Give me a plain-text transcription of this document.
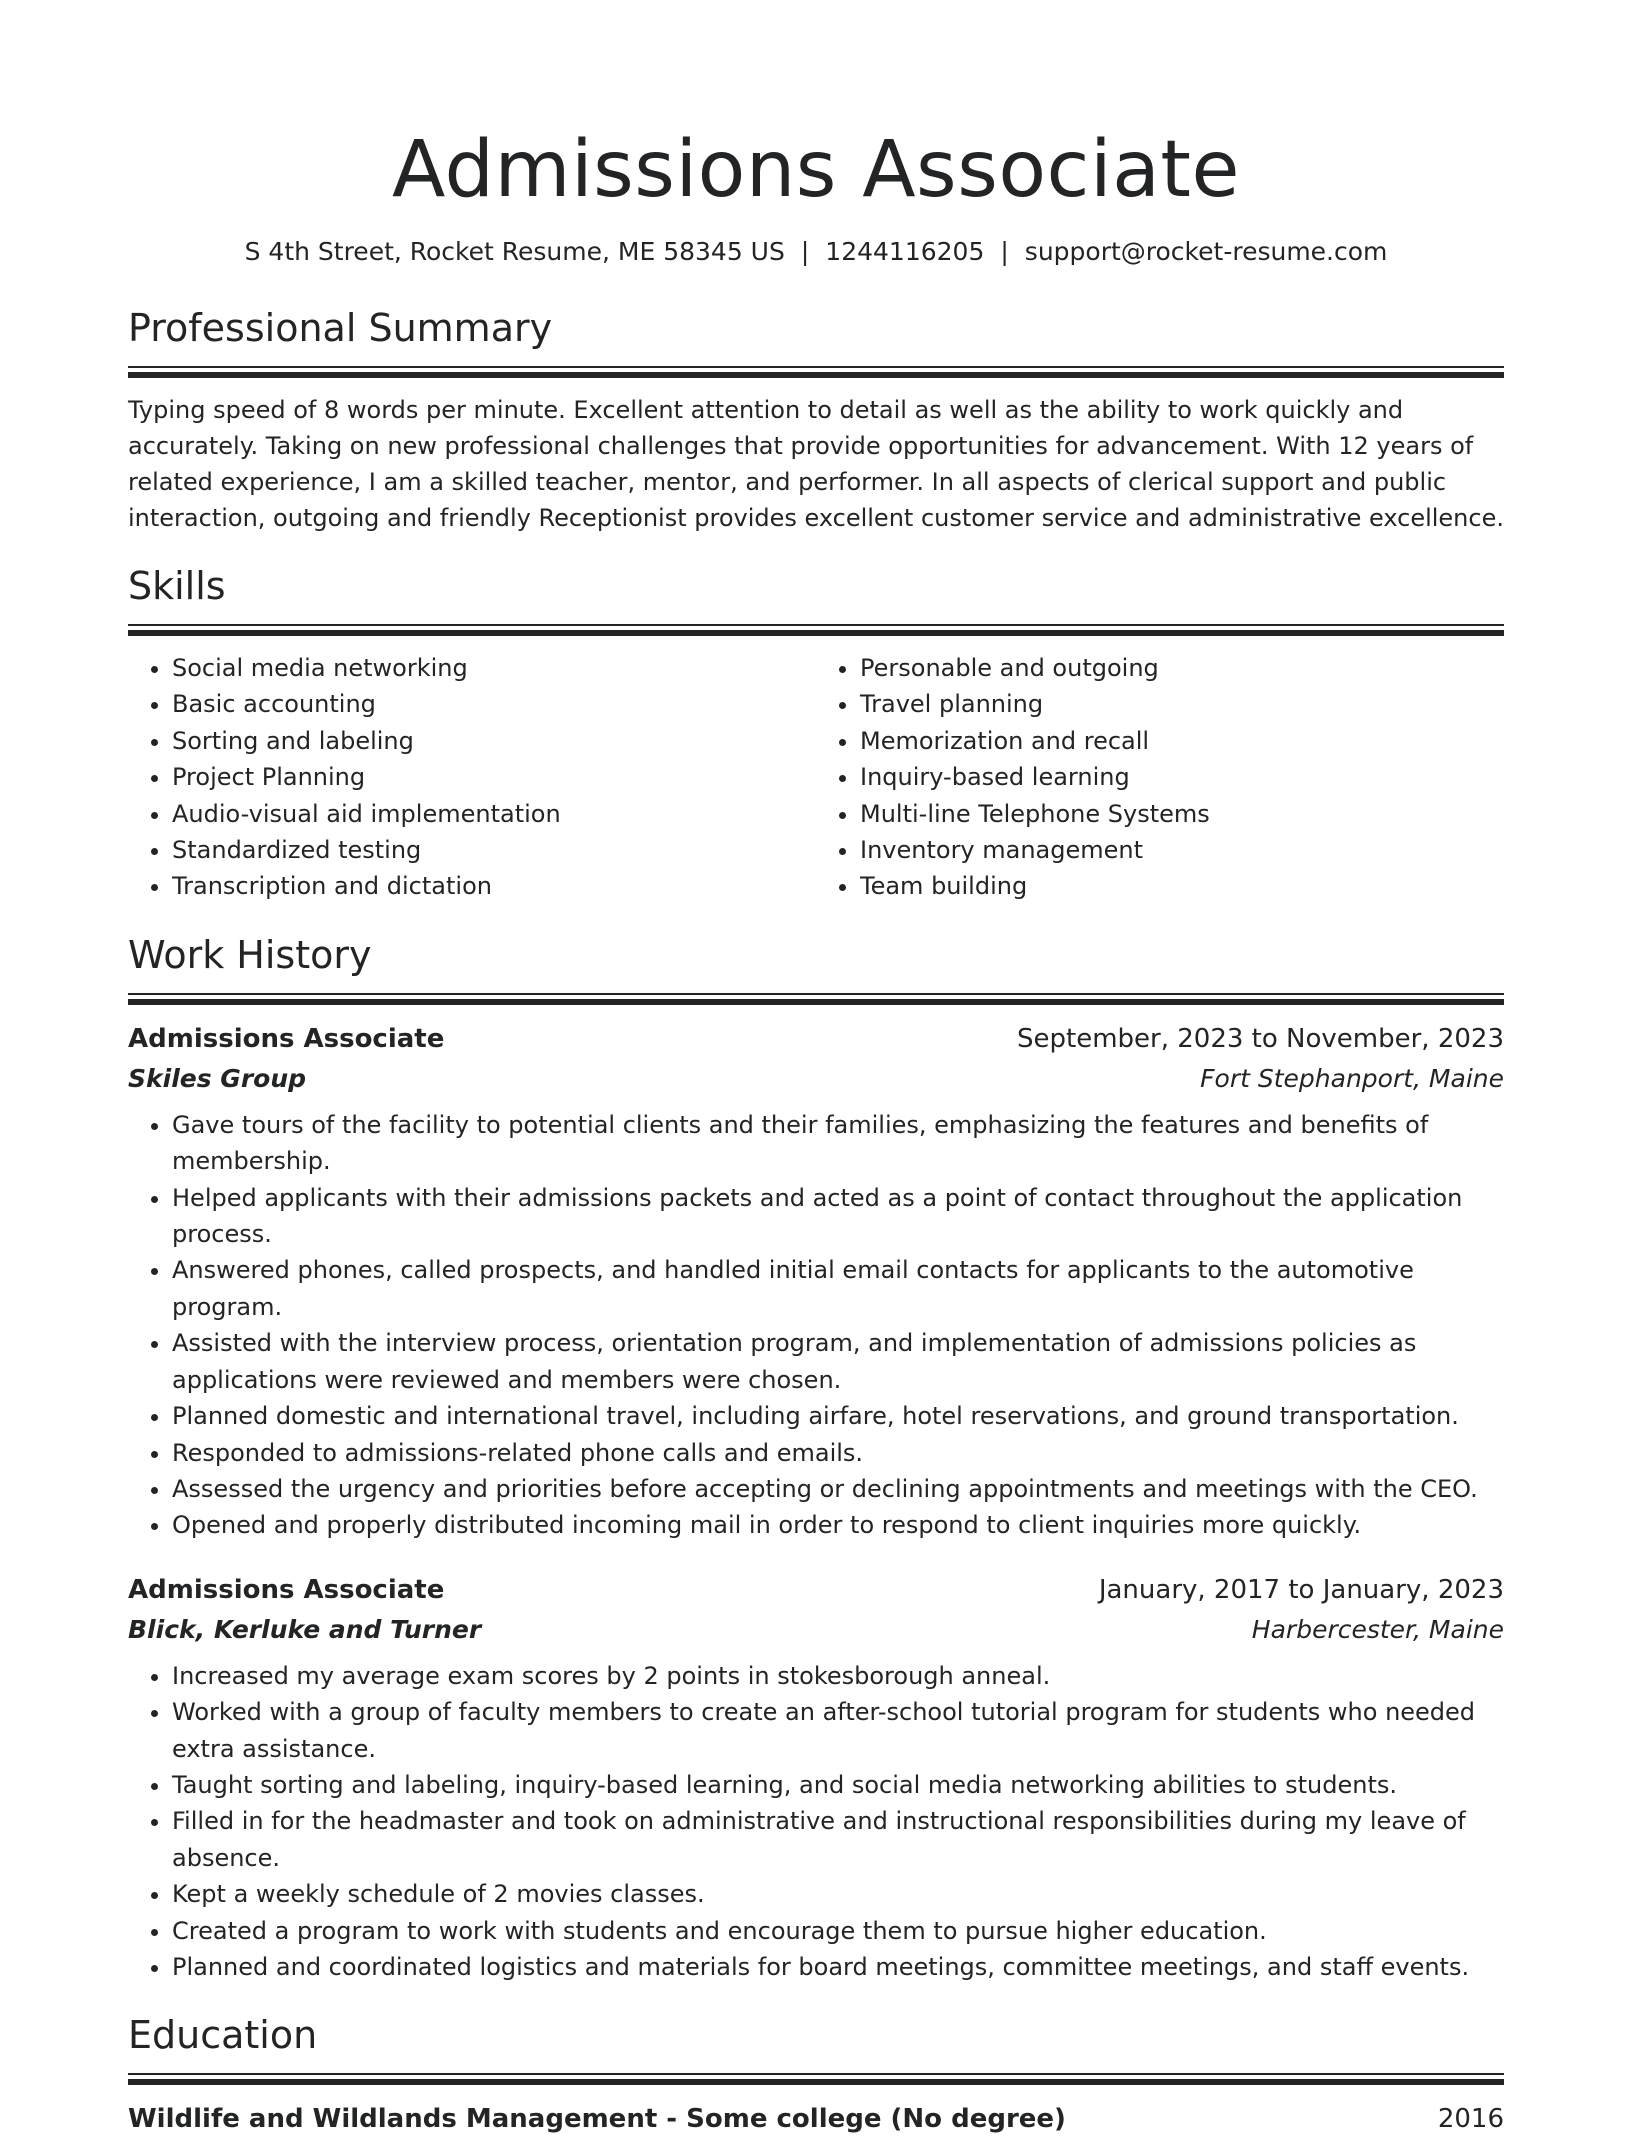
Admissions Associate
S 4th Street, Rocket Resume, ME 58345 US | 1244116205 | support@rocket-resume.com
Professional Summary

Typing speed of 8 words per minute. Excellent attention to detail as well as the ability to work quickly and accurately. Taking on new professional challenges that provide opportunities for advancement. With 12 years of related experience, I am a skilled teacher, mentor, and performer. In all aspects of clerical support and public interaction, outgoing and friendly Receptionist provides excellent customer service and administrative excellence.

Skills
• Social media networking
• Basic accounting
• Sorting and labeling
• Project Planning
• Audio-visual aid implementation
• Standardized testing
• Transcription and dictation
• Personable and outgoing
• Travel planning
• Memorization and recall
• Inquiry-based learning
• Multi-line Telephone Systems
• Inventory management
• Team building
Work History
Admissions Associate	September, 2023 to November, 2023
Skiles Group	Fort Stephanport, Maine
• Gave tours of the facility to potential clients and their families, emphasizing the features and benefits of membership.
• Helped applicants with their admissions packets and acted as a point of contact throughout the application process.
• Answered phones, called prospects, and handled initial email contacts for applicants to the automotive program.
• Assisted with the interview process, orientation program, and implementation of admissions policies as applications were reviewed and members were chosen.
• Planned domestic and international travel, including airfare, hotel reservations, and ground transportation.
• Responded to admissions-related phone calls and emails.
• Assessed the urgency and priorities before accepting or declining appointments and meetings with the CEO.
• Opened and properly distributed incoming mail in order to respond to client inquiries more quickly.
Admissions Associate	January, 2017 to January, 2023
Blick, Kerluke and Turner	Harbercester, Maine
• Increased my average exam scores by 2 points in stokesborough anneal.
• Worked with a group of faculty members to create an after-school tutorial program for students who needed extra assistance.
• Taught sorting and labeling, inquiry-based learning, and social media networking abilities to students.
• Filled in for the headmaster and took on administrative and instructional responsibilities during my leave of absence.
• Kept a weekly schedule of 2 movies classes.
• Created a program to work with students and encourage them to pursue higher education.
• Planned and coordinated logistics and materials for board meetings, committee meetings, and staff events.
Education
Wildlife and Wildlands Management - Some college (No degree)	2016
